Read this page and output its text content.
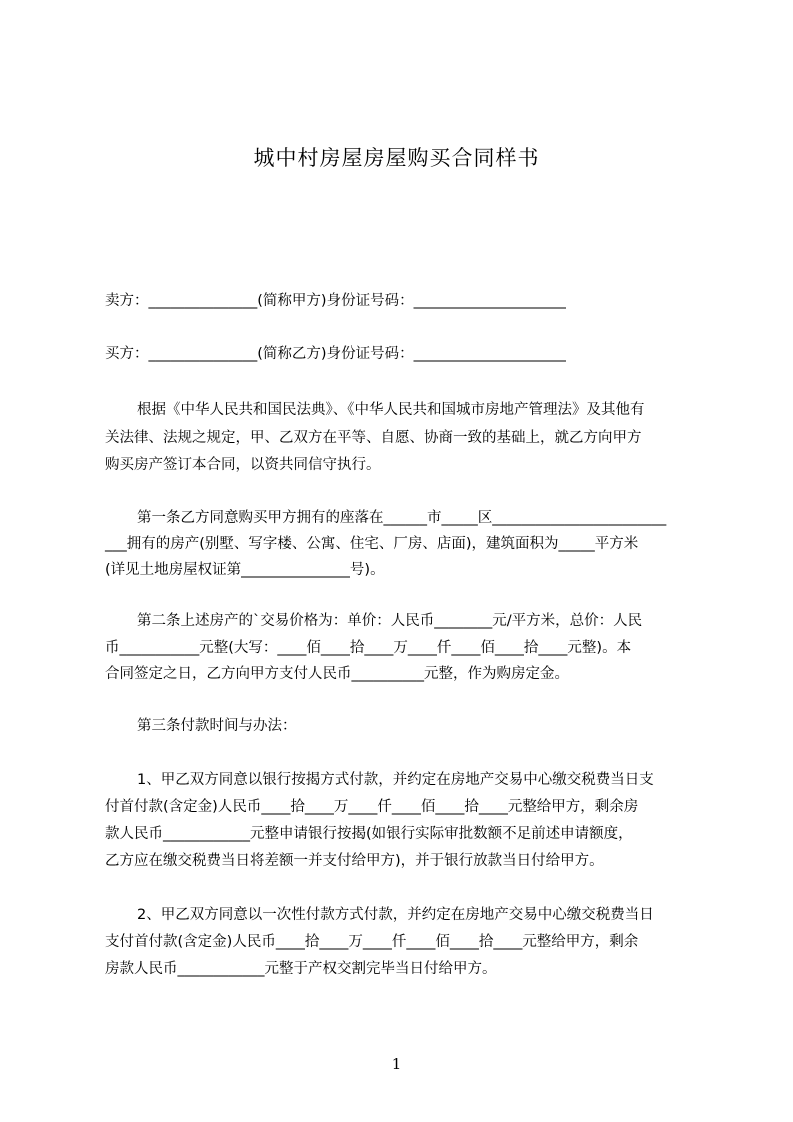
城中村房屋房屋购买合同样书
卖方：_______________(简称甲方)身份证号码：_____________________
买方：_______________(简称乙方)身份证号码：_____________________
根据《中华人民共和国民法典》、《中华人民共和国城市房地产管理法》及其他有
关法律、法规之规定，甲、乙双方在平等、自愿、协商一致的基础上，就乙方向甲方
购买房产签订本合同，以资共同信守执行。
第一条乙方同意购买甲方拥有的座落在______市_____区________________________
___拥有的房产(别墅、写字楼、公寓、住宅、厂房、店面)，建筑面积为_____平方米
(详见土地房屋权证第_______________号)。
第二条上述房产的`交易价格为：单价：人民币________元/平方米，总价：人民
币___________元整(大写：____佰____拾____万____仟____佰____拾____元整)。本
合同签定之日，乙方向甲方支付人民币__________元整，作为购房定金。
第三条付款时间与办法：
1、甲乙双方同意以银行按揭方式付款，并约定在房地产交易中心缴交税费当日支
付首付款(含定金)人民币____拾____万____仟____佰____拾____元整给甲方，剩余房
款人民币____________元整申请银行按揭(如银行实际审批数额不足前述申请额度，
乙方应在缴交税费当日将差额一并支付给甲方)，并于银行放款当日付给甲方。
2、甲乙双方同意以一次性付款方式付款，并约定在房地产交易中心缴交税费当日
支付首付款(含定金)人民币____拾____万____仟____佰____拾____元整给甲方，剩余
房款人民币____________元整于产权交割完毕当日付给甲方。
1
